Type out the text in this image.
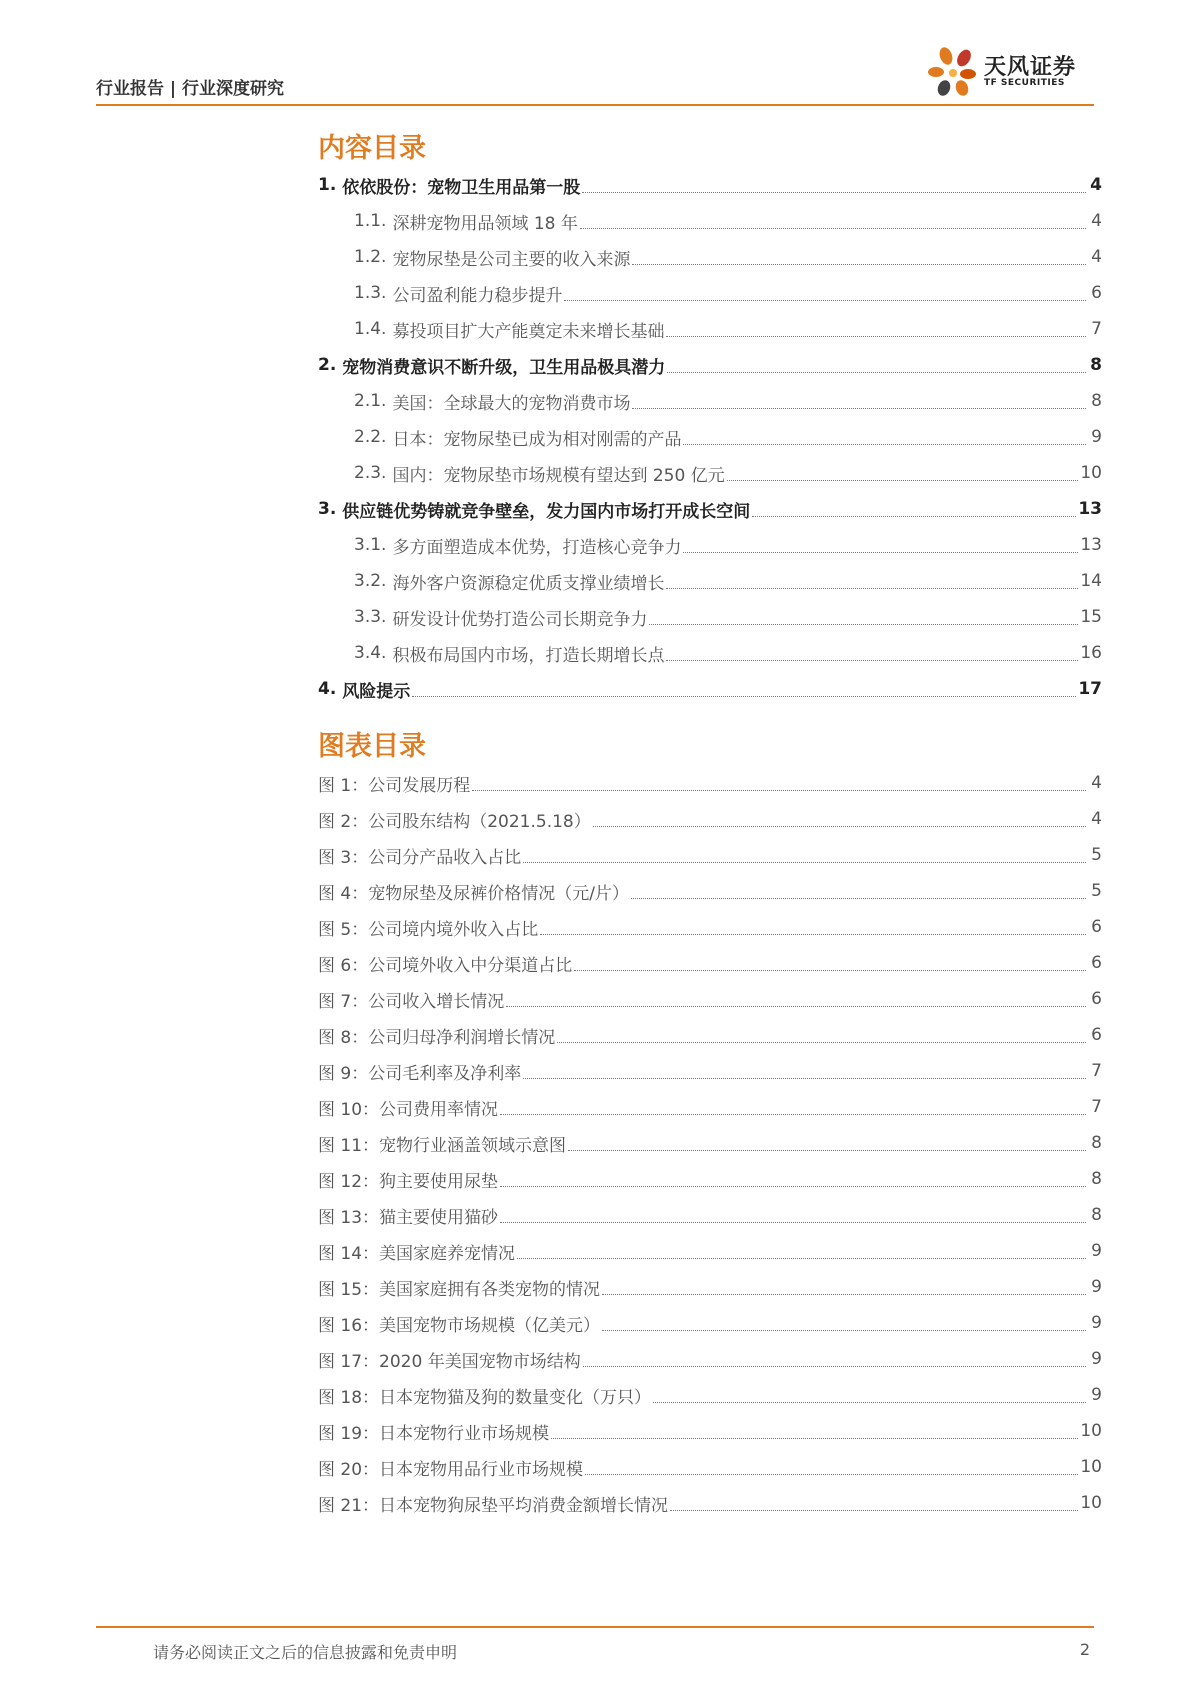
行业报告 | 行业深度研究
天风证券
TF SECURITIES
内容目录
1. 依依股份：宠物卫生用品第一股	4
1.1. 深耕宠物用品领域 18 年	4
1.2. 宠物尿垫是公司主要的收入来源	4
1.3. 公司盈利能力稳步提升	6
1.4. 募投项目扩大产能奠定未来增长基础	7
2. 宠物消费意识不断升级，卫生用品极具潜力	8
2.1. 美国：全球最大的宠物消费市场	8
2.2. 日本：宠物尿垫已成为相对刚需的产品	9
2.3. 国内：宠物尿垫市场规模有望达到 250 亿元	10
3. 供应链优势铸就竞争壁垒，发力国内市场打开成长空间	13
3.1. 多方面塑造成本优势，打造核心竞争力	13
3.2. 海外客户资源稳定优质支撑业绩增长	14
3.3. 研发设计优势打造公司长期竞争力	15
3.4. 积极布局国内市场，打造长期增长点	16
4. 风险提示	17
图表目录
图 1：公司发展历程	4
图 2：公司股东结构（2021.5.18）	4
图 3：公司分产品收入占比	5
图 4：宠物尿垫及尿裤价格情况（元/片）	5
图 5：公司境内境外收入占比	6
图 6：公司境外收入中分渠道占比	6
图 7：公司收入增长情况	6
图 8：公司归母净利润增长情况	6
图 9：公司毛利率及净利率	7
图 10：公司费用率情况	7
图 11：宠物行业涵盖领域示意图	8
图 12：狗主要使用尿垫	8
图 13：猫主要使用猫砂	8
图 14：美国家庭养宠情况	9
图 15：美国家庭拥有各类宠物的情况	9
图 16：美国宠物市场规模（亿美元）	9
图 17：2020 年美国宠物市场结构	9
图 18：日本宠物猫及狗的数量变化（万只）	9
图 19：日本宠物行业市场规模	10
图 20：日本宠物用品行业市场规模	10
图 21：日本宠物狗尿垫平均消费金额增长情况	10
请务必阅读正文之后的信息披露和免责申明	2
